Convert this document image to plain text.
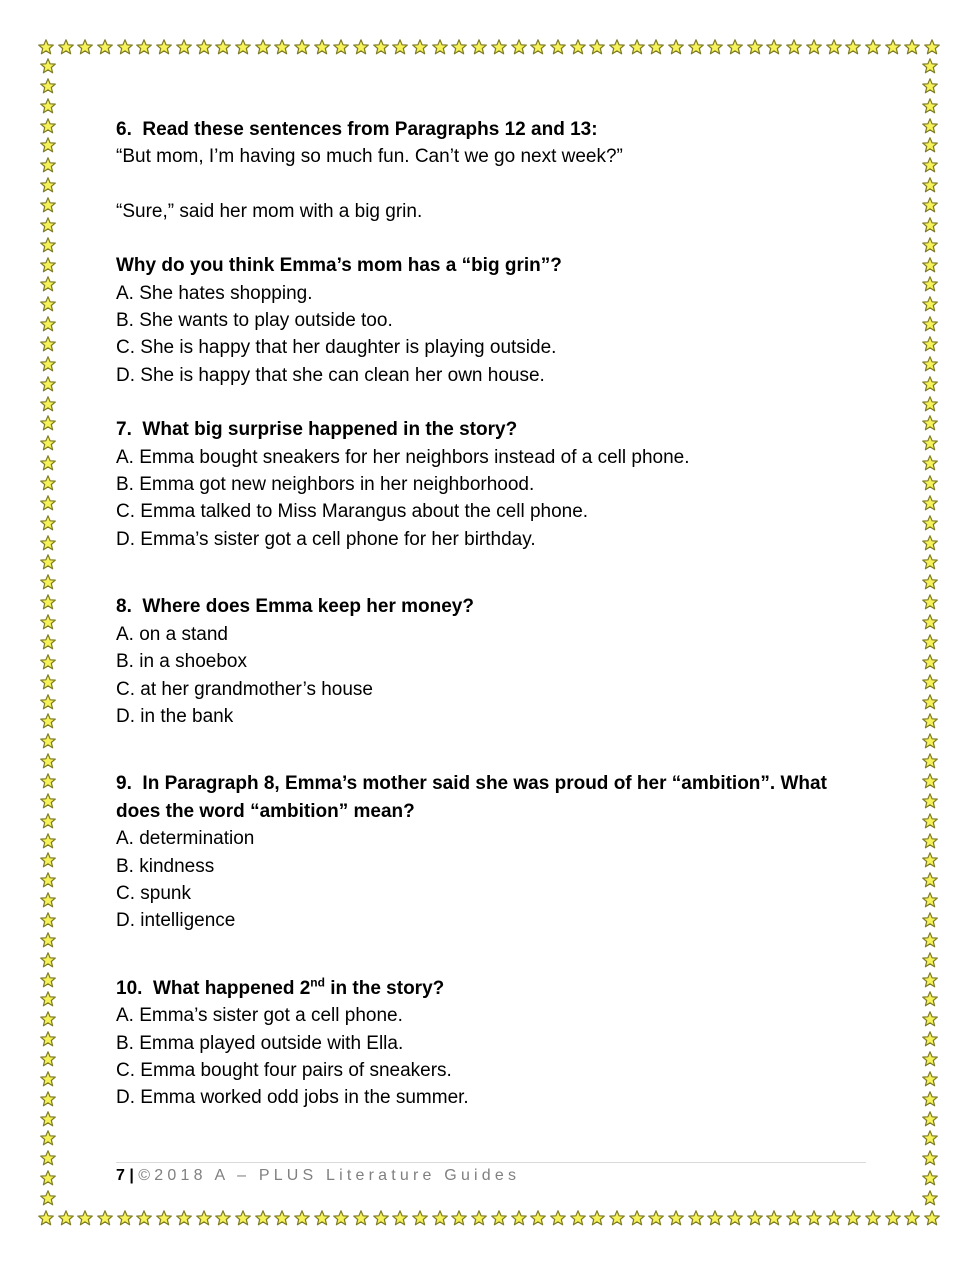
6. Read these sentences from Paragraphs 12 and 13:

“But mom, I’m having so much fun. Can’t we go next week?”

“Sure,” said her mom with a big grin.

Why do you think Emma’s mom has a “big grin”?

A. She hates shopping.

B. She wants to play outside too.

C. She is happy that her daughter is playing outside.

D. She is happy that she can clean her own house.

7. What big surprise happened in the story?

A. Emma bought sneakers for her neighbors instead of a cell phone.

B. Emma got new neighbors in her neighborhood.

C. Emma talked to Miss Marangus about the cell phone.

D. Emma’s sister got a cell phone for her birthday.

8. Where does Emma keep her money?

A. on a stand

B. in a shoebox

C. at her grandmother’s house

D. in the bank

9. In Paragraph 8, Emma’s mother said she was proud of her “ambition”. What

does the word “ambition” mean?

A. determination

B. kindness

C. spunk

D. intelligence

10. What happened 2nd in the story?

A. Emma’s sister got a cell phone.

B. Emma played outside with Ella.

C. Emma bought four pairs of sneakers.

D. Emma worked odd jobs in the summer.

7 | ©2018 A – PLUS Literature Guides
